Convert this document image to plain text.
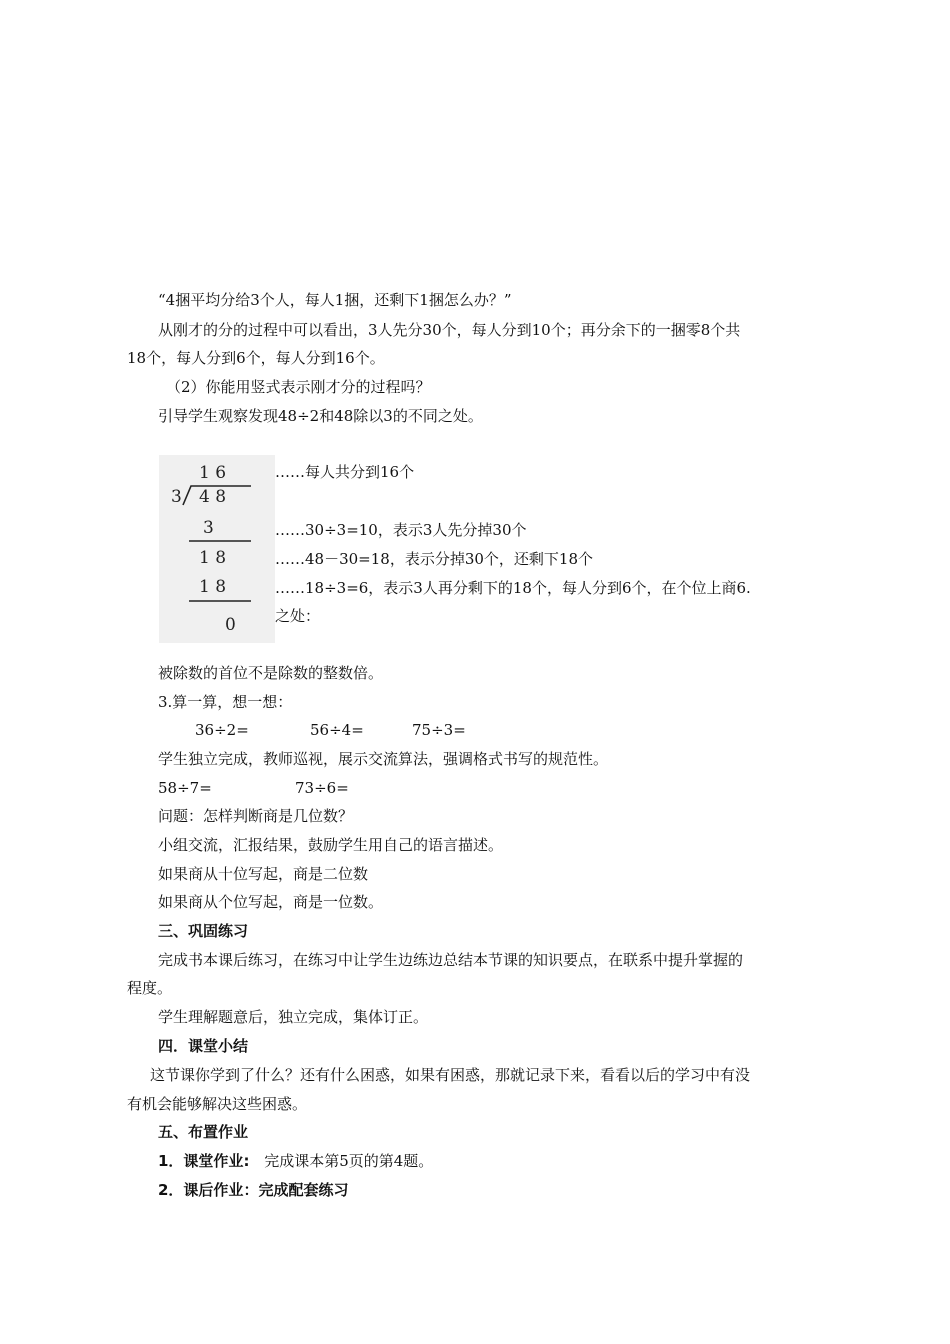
“4捆平均分给3个人，每人1捆，还剩下1捆怎么办？”
从刚才的分的过程中可以看出，3人先分30个，每人分到10个；再分余下的一捆零8个共
18个，每人分到6个，每人分到16个。
（2）你能用竖式表示刚才分的过程吗？
引导学生观察发现48÷2和48除以3的不同之处。
1 6
3 4 8
3
1 8
1 8
0
……每人共分到16个
……30÷3=10，表示3人先分掉30个
……48－30=18，表示分掉30个，还剩下18个
……18÷3=6，表示3人再分剩下的18个，每人分到6个，在个位上商6.
之处：
被除数的首位不是除数的整数倍。
3.算一算，想一想：
36÷2=	56÷4=	75÷3=
学生独立完成，教师巡视，展示交流算法，强调格式书写的规范性。
58÷7=	73÷6=
问题：怎样判断商是几位数？
小组交流，汇报结果，鼓励学生用自己的语言描述。
如果商从十位写起，商是二位数
如果商从个位写起，商是一位数。
三、巩固练习
完成书本课后练习，在练习中让学生边练边总结本节课的知识要点，在联系中提升掌握的
程度。
学生理解题意后，独立完成，集体订正。
四．课堂小结
这节课你学到了什么？还有什么困惑，如果有困惑，那就记录下来，看看以后的学习中有没
有机会能够解决这些困惑。
五、布置作业
1．课堂作业: 完成课本第5页的第4题。
2．课后作业：完成配套练习
